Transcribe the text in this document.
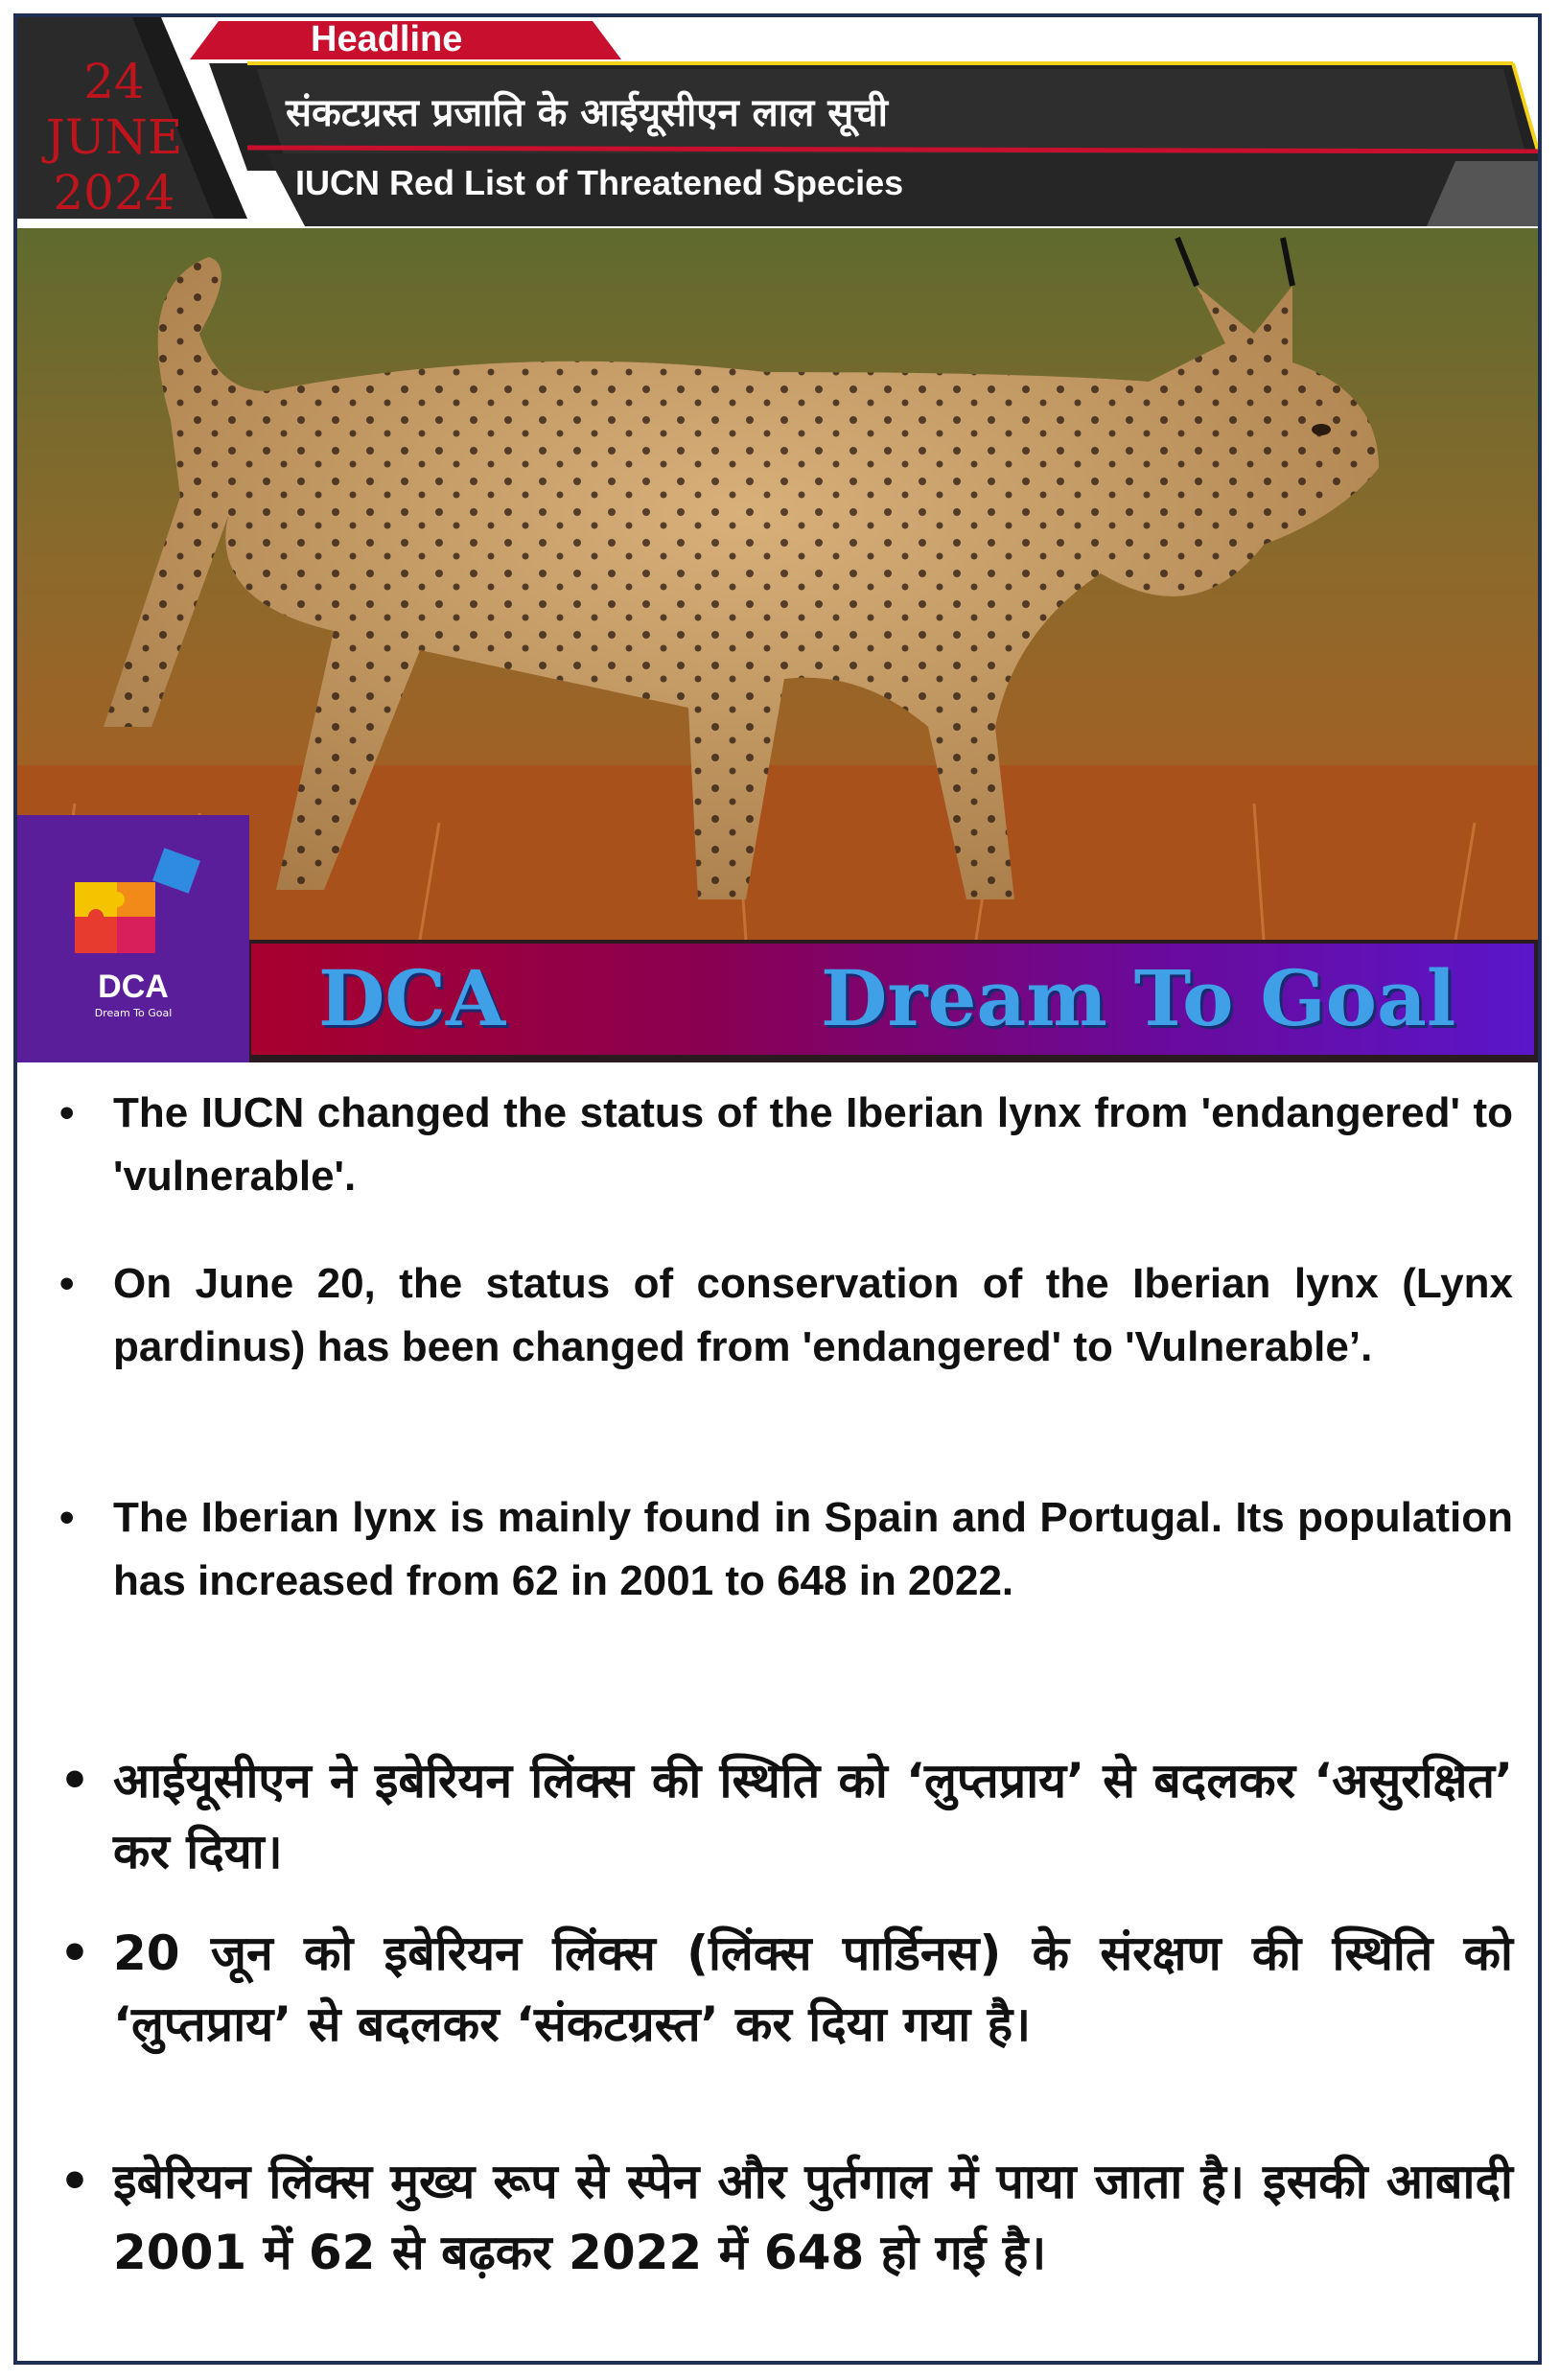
24
JUNE
2024
Headline
संकटग्रस्त प्रजाति के आईयूसीएन लाल सूची
IUCN Red List of Threatened Species
DCA
Dream To Goal	DCA	Dream To Goal
• The IUCN changed the status of the Iberian lynx from 'endangered' to 'vulnerable'.
• On June 20, the status of conservation of the Iberian lynx (Lynx pardinus) has been changed from 'endangered' to 'Vulnerable’.
• The Iberian lynx is mainly found in Spain and Portugal. Its population has increased from 62 in 2001 to 648 in 2022.
• आईयूसीएन ने इबेरियन लिंक्स की स्थिति को ‘लुप्तप्राय’ से बदलकर ‘असुरक्षित’ कर दिया।
• 20 जून को इबेरियन लिंक्स (लिंक्स पार्डिनस) के संरक्षण की स्थिति को ‘लुप्तप्राय’ से बदलकर ‘संकटग्रस्त’ कर दिया गया है।
• इबेरियन लिंक्स मुख्य रूप से स्पेन और पुर्तगाल में पाया जाता है। इसकी आबादी 2001 में 62 से बढ़कर 2022 में 648 हो गई है।
